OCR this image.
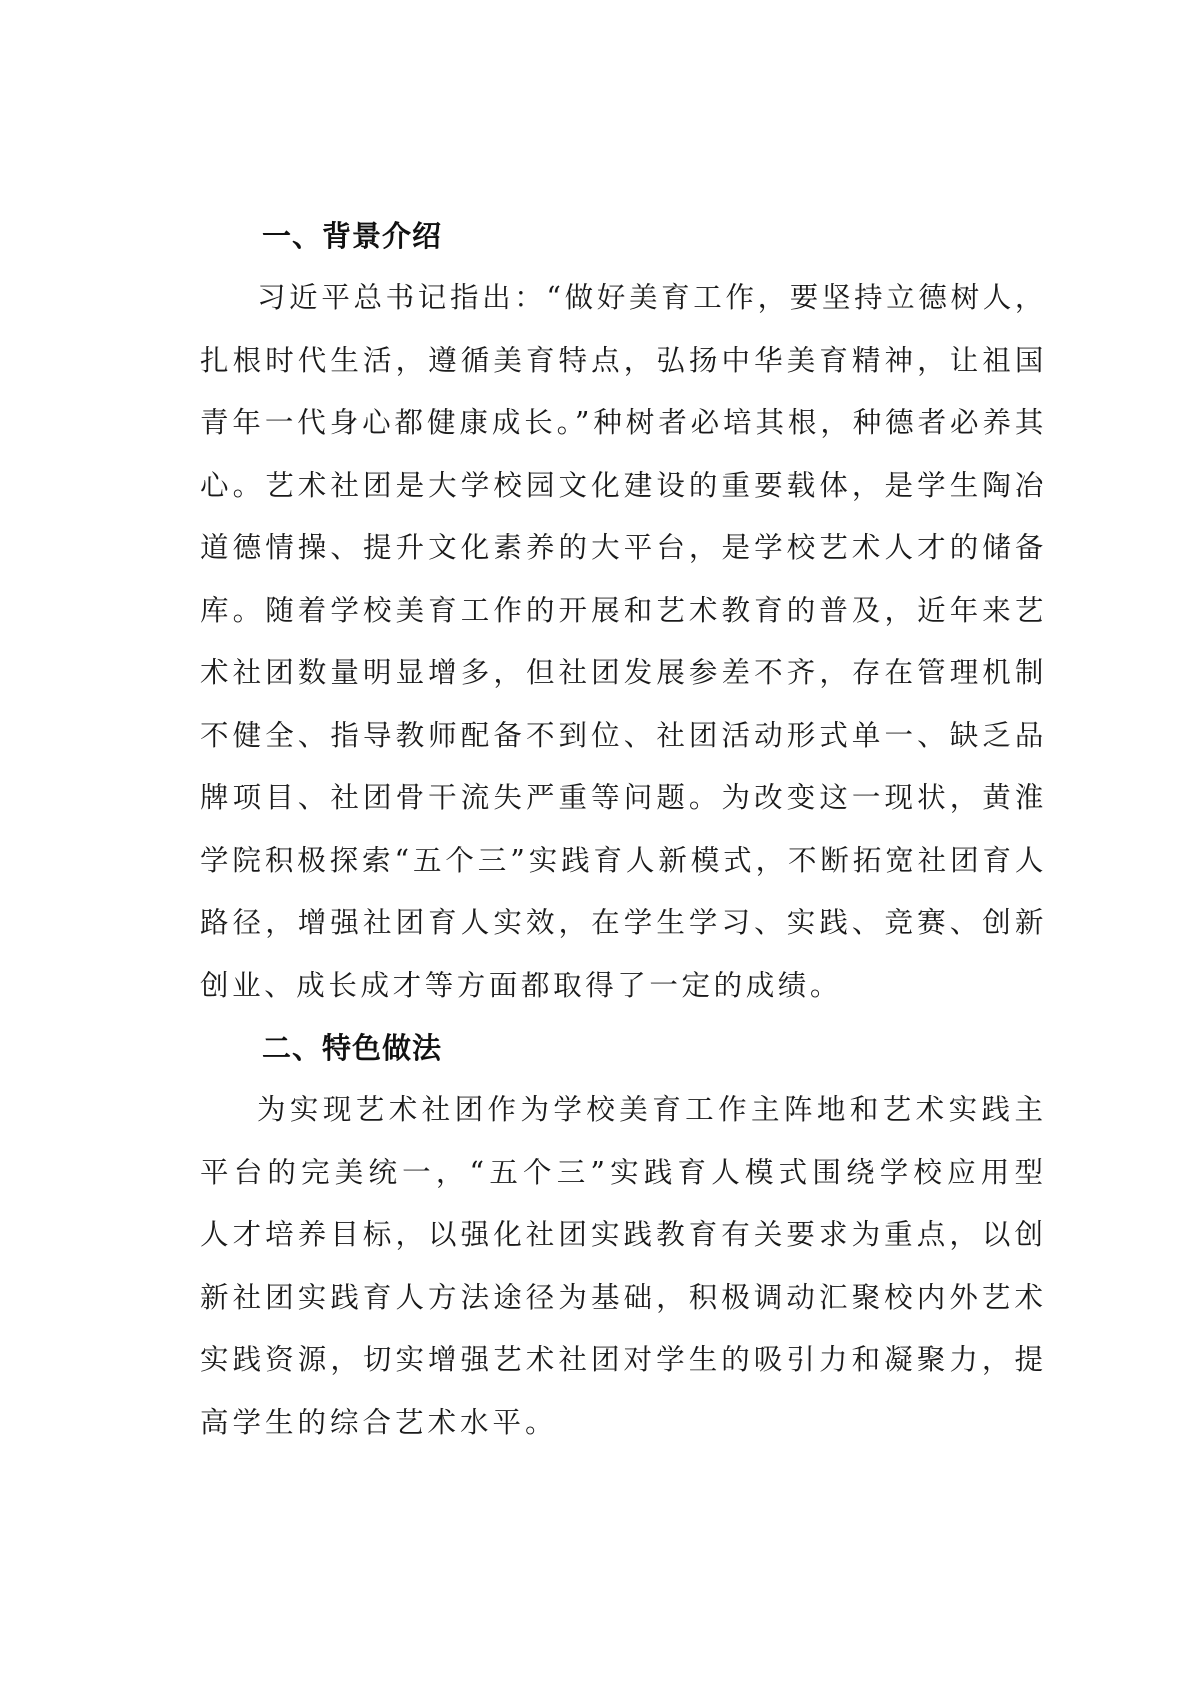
一、背景介绍

习近平总书记指出：“做好美育工作，要坚持立德树人，扎根时代生活，遵循美育特点，弘扬中华美育精神，让祖国青年一代身心都健康成长。”种树者必培其根，种德者必养其心。艺术社团是大学校园文化建设的重要载体，是学生陶冶道德情操、提升文化素养的大平台，是学校艺术人才的储备库。随着学校美育工作的开展和艺术教育的普及，近年来艺术社团数量明显增多，但社团发展参差不齐，存在管理机制不健全、指导教师配备不到位、社团活动形式单一、缺乏品牌项目、社团骨干流失严重等问题。为改变这一现状，黄淮学院积极探索“五个三”实践育人新模式，不断拓宽社团育人路径，增强社团育人实效，在学生学习、实践、竞赛、创新创业、成长成才等方面都取得了一定的成绩。

二、特色做法

为实现艺术社团作为学校美育工作主阵地和艺术实践主平台的完美统一，“五个三”实践育人模式围绕学校应用型人才培养目标，以强化社团实践教育有关要求为重点，以创新社团实践育人方法途径为基础，积极调动汇聚校内外艺术实践资源，切实增强艺术社团对学生的吸引力和凝聚力，提高学生的综合艺术水平。
